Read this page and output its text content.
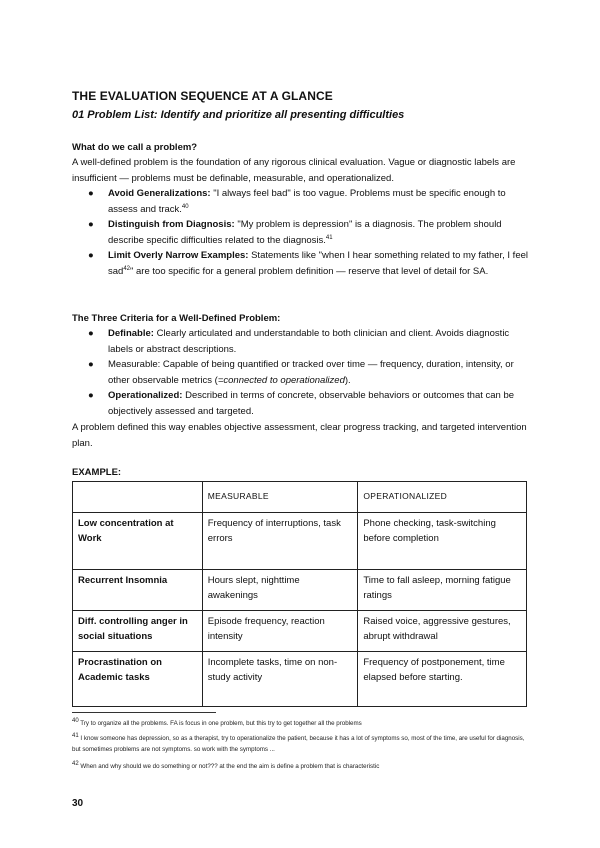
THE EVALUATION SEQUENCE AT A GLANCE
01 Problem List: Identify and prioritize all presenting difficulties
What do we call a problem?
A well-defined problem is the foundation of any rigorous clinical evaluation. Vague or diagnostic labels are insufficient — problems must be definable, measurable, and operationalized.
● Avoid Generalizations: "I always feel bad" is too vague. Problems must be specific enough to assess and track.$^{40}$
● Distinguish from Diagnosis: "My problem is depression" is a diagnosis. The problem should describe specific difficulties related to the diagnosis.$^{41}$
● Limit Overly Narrow Examples: Statements like "when I hear something related to my father, I feel sad$^{42}$" are too specific for a general problem definition — reserve that level of detail for SA.
The Three Criteria for a Well-Defined Problem:
● Definable: Clearly articulated and understandable to both clinician and client. Avoids diagnostic labels or abstract descriptions.
● Measurable: Capable of being quantified or tracked over time — frequency, duration, intensity, or other observable metrics (=connected to operationalized).
● Operationalized: Described in terms of concrete, observable behaviors or outcomes that can be objectively assessed and targeted.
A problem defined this way enables objective assessment, clear progress tracking, and targeted intervention plan.
EXAMPLE:
	MEASURABLE	OPERATIONALIZED
Low concentration at Work	Frequency of interruptions, task errors	Phone checking, task-switching before completion
Recurrent Insomnia	Hours slept, nighttime awakenings	Time to fall asleep, morning fatigue ratings
Diff. controlling anger in social situations	Episode frequency, reaction intensity	Raised voice, aggressive gestures, abrupt withdrawal
Procrastination on Academic tasks	Incomplete tasks, time on non-study activity	Frequency of postponement, time elapsed before starting.
$^{40}$ Try to organize all the problems. FA is focus in one problem, but this try to get together all the problems
$^{41}$ I know someone has depression, so as a therapist, try to operationalize the patient, because it has a lot of symptoms so, most of the time, are useful for diagnosis, but sometimes problems are not symptoms. so work with the symptoms ...
$^{42}$ When and why should we do something or not??? at the end the aim is define a problem that is characteristic
30
